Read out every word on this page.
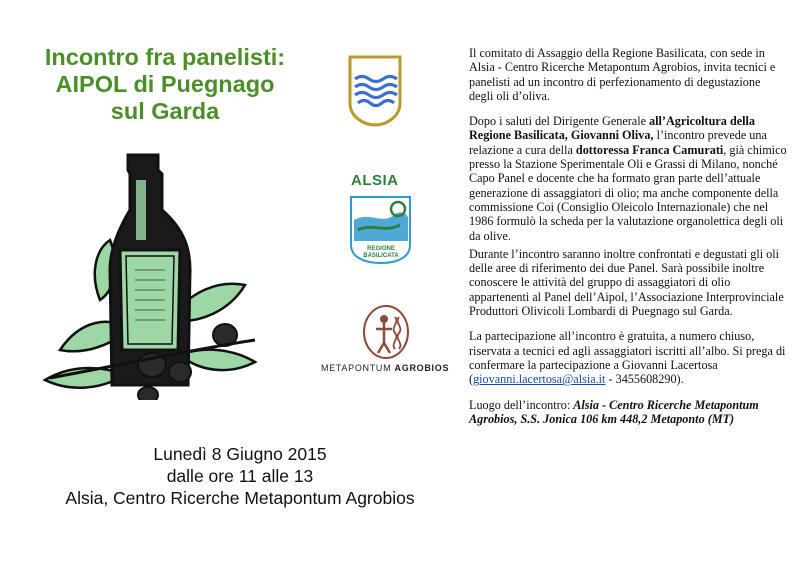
Incontro fra panelisti:
AIPOL di Puegnago
sul Garda
Lunedì 8 Giugno 2015
dalle ore 11 alle 13
Alsia, Centro Ricerche Metapontum Agrobios
ALSIA
REGIONE
BASILICATA
METAPONTUM AGROBIOS

Il comitato di Assaggio della Regione Basilicata, con sede in Alsia - Centro Ricerche Metapontum Agrobios, invita tecnici e panelisti ad un incontro di perfezionamento di degustazione degli oli d’oliva.

Dopo i saluti del Dirigente Generale all’Agricoltura della Regione Basilicata, Giovanni Oliva, l’incontro prevede una relazione a cura della dottoressa Franca Camurati, già chimico presso la Stazione Sperimentale Oli e Grassi di Milano, nonché Capo Panel e docente che ha formato gran parte dell’attuale generazione di assaggiatori di olio; ma anche componente della commissione Coi (Consiglio Oleicolo Internazionale) che nel 1986 formulò la scheda per la valutazione organolettica degli oli da olive.

Durante l’incontro saranno inoltre confrontati e degustati gli oli delle aree di riferimento dei due Panel. Sarà possibile inoltre conoscere le attività del gruppo di assaggiatori di olio appartenenti al Panel dell’Aipol, l’Associazione Interprovinciale Produttori Olivicoli Lombardi di Puegnago sul Garda.

La partecipazione all’incontro è gratuita, a numero chiuso, riservata a tecnici ed agli assaggiatori iscritti all’albo. Si prega di confermare la partecipazione a Giovanni Lacertosa (giovanni.lacertosa@alsia.it - 3455608290).

Luogo dell’incontro: Alsia - Centro Ricerche Metapontum Agrobios, S.S. Jonica 106 km 448,2 Metaponto (MT)
